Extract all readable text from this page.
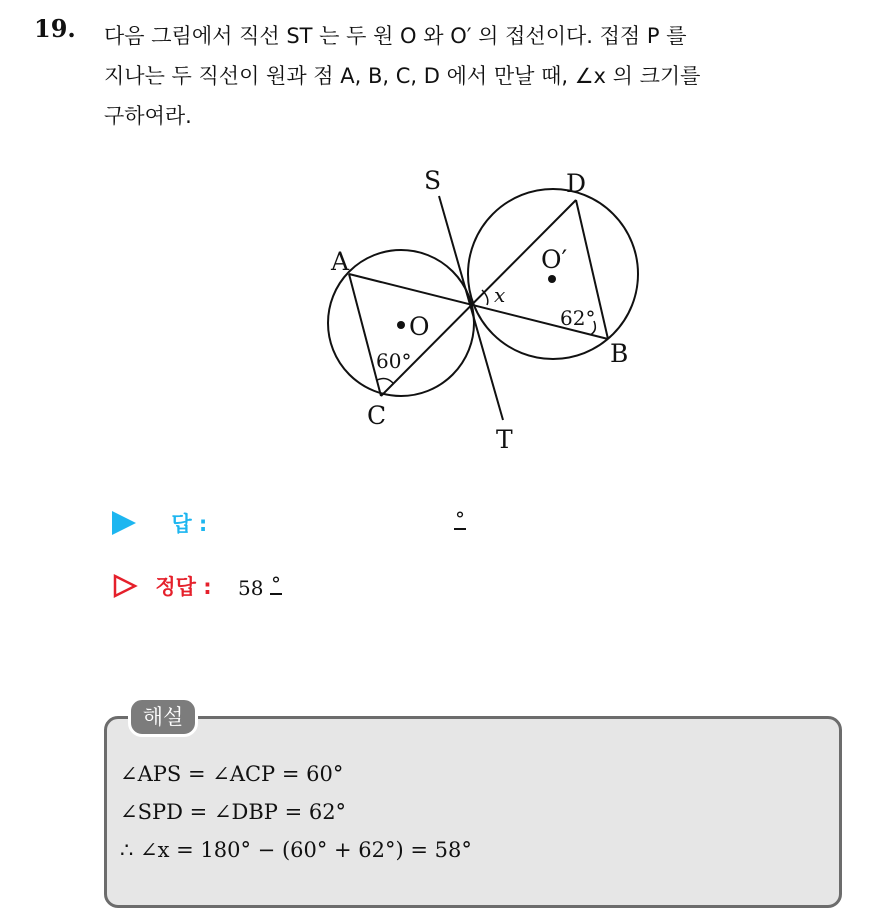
19. 다음 그림에서 직선 ST 는 두 원 O 와 O′ 의 접선이다. 접점 P 를

지나는 두 직선이 원과 점 A, B, C, D 에서 만날 때, ∠x 의 크기를

구하여라.

S
T
A
B
C
D
O
O′
x
60°
62°
답 :	°
정답 : 58 °
해설
∠APS = ∠ACP = 60°
∠SPD = ∠DBP = 62°
∴ ∠x = 180° − (60° + 62°) = 58°
